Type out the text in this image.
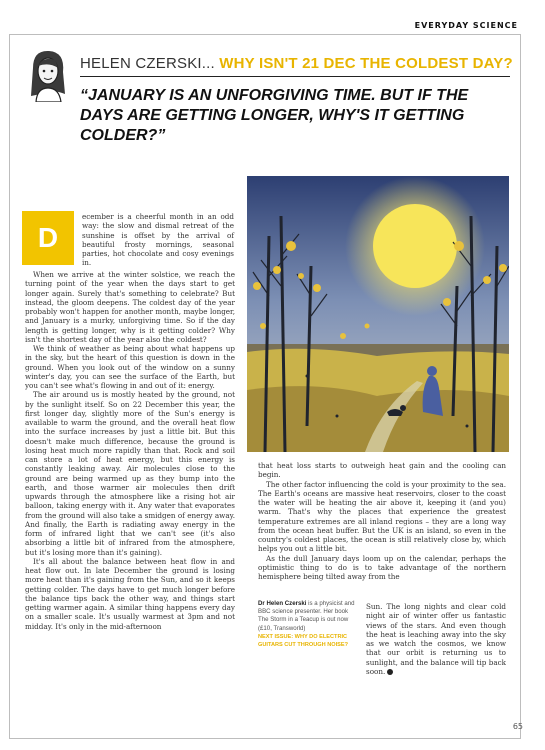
EVERYDAY SCIENCE
HELEN CZERSKI... WHY ISN'T 21 DEC THE COLDEST DAY?
“JANUARY IS AN UNFORGIVING TIME. BUT IF THE DAYS ARE GETTING LONGER, WHY'S IT GETTING COLDER?”
D

ecember is a cheerful month in an odd way: the slow and dismal retreat of the sunshine is offset by the arrival of beautiful frosty mornings, seasonal parties, hot chocolate and cosy evenings in.

When we arrive at the winter solstice, we reach the turning point of the year when the days start to get longer again. Surely that's something to celebrate? But instead, the gloom deepens. The coldest day of the year probably won't happen for another month, maybe longer, and January is a murky, unforgiving time. So if the day length is getting longer, why is it getting colder? Why isn't the shortest day of the year also the coldest?

We think of weather as being about what happens up in the sky, but the heart of this question is down in the ground. When you look out of the window on a sunny winter's day, you can see the surface of the Earth, but you can't see what's flowing in and out of it: energy.

The air around us is mostly heated by the ground, not by the sunlight itself. So on 22 December this year, the first longer day, slightly more of the Sun's energy is available to warm the ground, and the overall heat flow into the surface increases by just a little bit. But this doesn't make much difference, because the ground is losing heat much more rapidly than that. Rock and soil can store a lot of heat energy, but this energy is constantly leaking away. Air molecules close to the ground are being warmed up as they bump into the earth, and those warmer air molecules then drift upwards through the atmosphere like a rising hot air balloon, taking energy with it. Any water that evaporates from the ground will also take a smidgen of energy away. And finally, the Earth is radiating away energy in the form of infrared light that we can't see (it's also absorbing a little bit of infrared from the atmosphere, but it's losing more than it's gaining).

It's all about the balance between heat flow in and heat flow out. In late December the ground is losing more heat than it's gaining from the Sun, and so it keeps getting colder. The days have to get much longer before the balance tips back the other way, and things start getting warmer again. A similar thing happens every day on a smaller scale. It's usually warmest at 3pm and not midday. It's only in the mid-afternoon

that heat loss starts to outweigh heat gain and the cooling can begin.

The other factor influencing the cold is your proximity to the sea. The Earth's oceans are massive heat reservoirs, closer to the coast the water will be heating the air above it, keeping it (and you) warm. That's why the places that experience the greatest temperature extremes are all inland regions – they are a long way from the ocean heat buffer. But the UK is an island, so even in the country's coldest places, the ocean is still relatively close by, which helps you out a little bit.

As the dull January days loom up on the calendar, perhaps the optimistic thing to do is to take advantage of the northern hemisphere being tilted away from the

Dr Helen Czerski is a physicist and BBC science presenter. Her book The Storm in a Teacup is out now (£10, Transworld)
NEXT ISSUE: WHY DO ELECTRIC GUITARS CUT THROUGH NOISE?

Sun. The long nights and clear cold night air of winter offer us fantastic views of the stars. And even though the heat is leaching away into the sky as we watch the cosmos, we know that our orbit is returning us to sunlight, and the balance will tip back soon.

65
